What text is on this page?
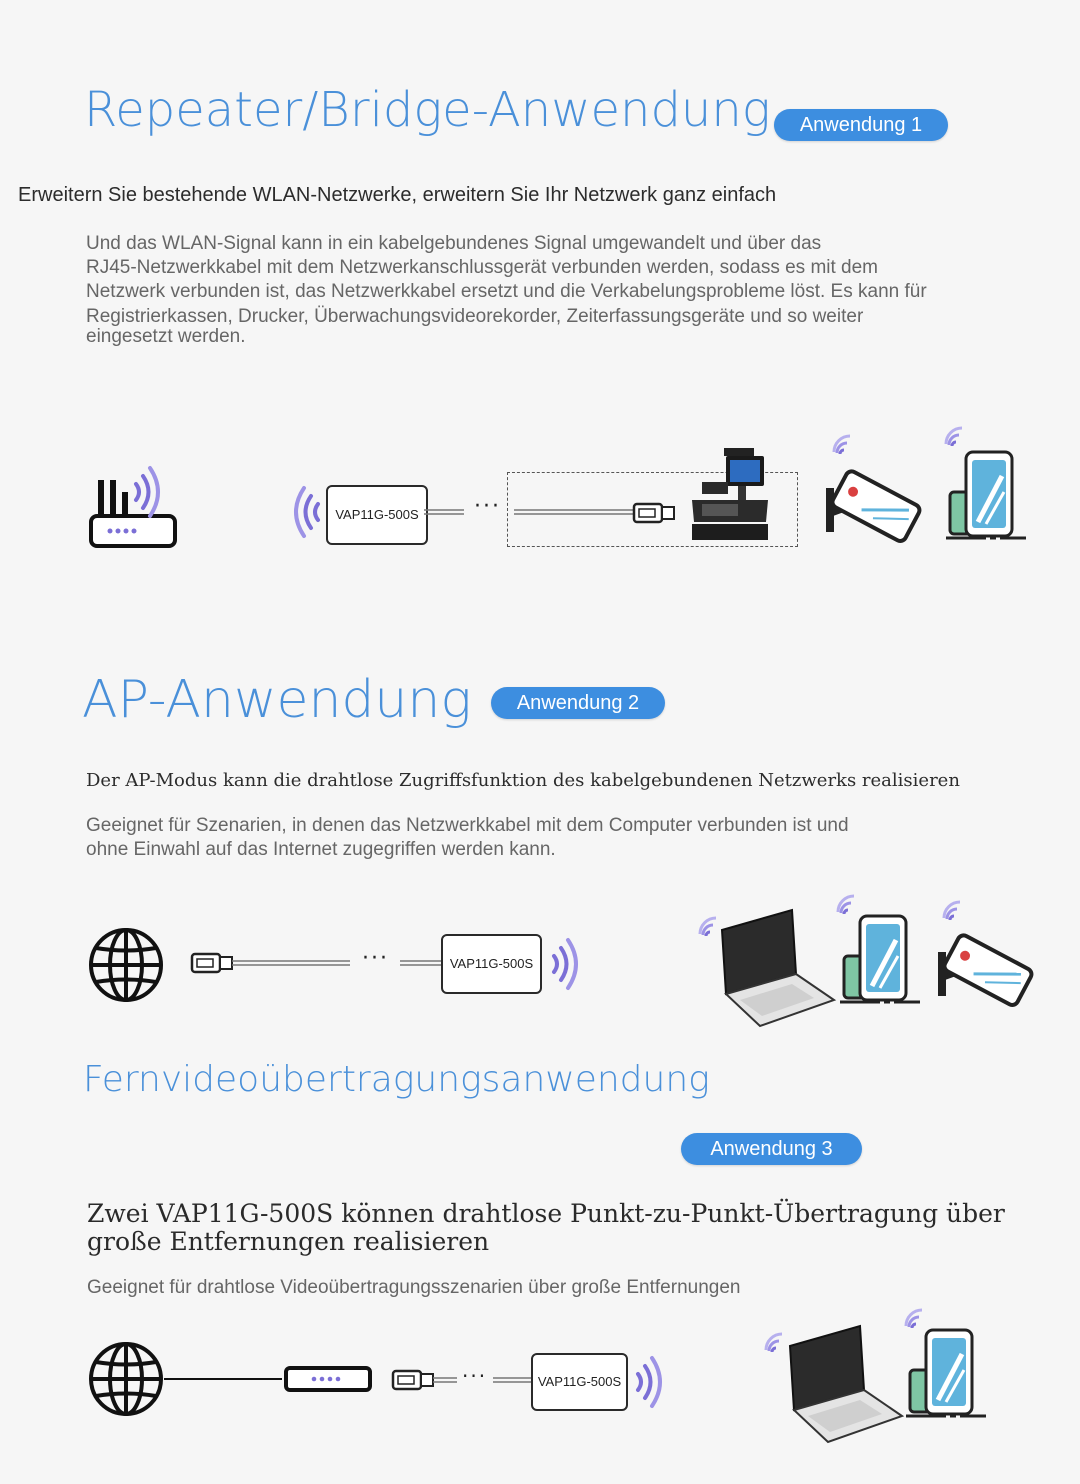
Repeater/Bridge-Anwendung	Anwendung 1
Erweitern Sie bestehende WLAN-Netzwerke, erweitern Sie Ihr Netzwerk ganz einfach
Und das WLAN-Signal kann in ein kabelgebundenes Signal umgewandelt und über das
RJ45-Netzwerkkabel mit dem Netzwerkanschlussgerät verbunden werden, sodass es mit dem
Netzwerk verbunden ist, das Netzwerkkabel ersetzt und die Verkabelungsprobleme löst. Es kann für
Registrierkassen, Drucker, Überwachungsvideorekorder, Zeiterfassungsgeräte und so weiter
eingesetzt werden.
VAP11G-500S	···
AP-Anwendung	Anwendung 2
Der AP-Modus kann die drahtlose Zugriffsfunktion des kabelgebundenen Netzwerks realisieren
Geeignet für Szenarien, in denen das Netzwerkkabel mit dem Computer verbunden ist und
ohne Einwahl auf das Internet zugegriffen werden kann.
···	VAP11G-500S
Fernvideoübertragungsanwendung
Anwendung 3
Zwei VAP11G-500S können drahtlose Punkt-zu-Punkt-Übertragung über
große Entfernungen realisieren
Geeignet für drahtlose Videoübertragungsszenarien über große Entfernungen
···	VAP11G-500S
